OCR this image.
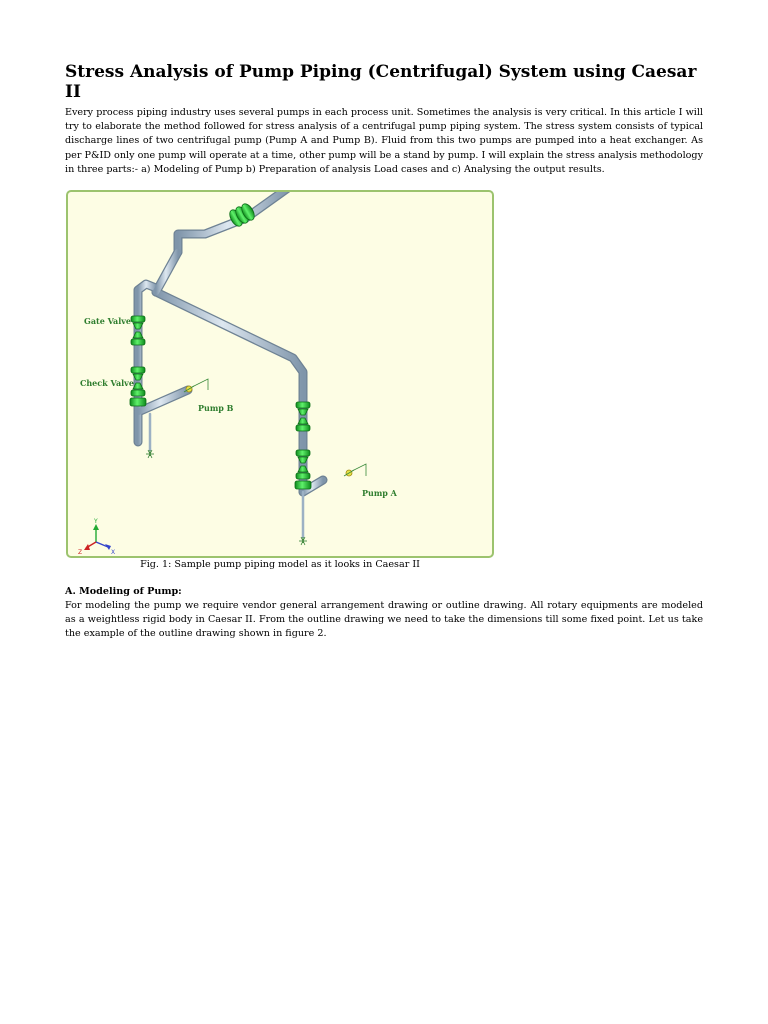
Stress Analysis of Pump Piping (Centrifugal) System using Caesar II

Every process piping industry uses several pumps in each process unit. Sometimes the analysis is very critical. In this article I will try to elaborate the method followed for stress analysis of a centrifugal pump piping system. The stress system consists of typical discharge lines of two centrifugal pump (Pump A and Pump B). Fluid from this two pumps are pumped into a heat exchanger. As per P&ID only one pump will operate at a time, other pump will be a stand by pump. I will explain the stress analysis methodology in three parts:- a) Modeling of Pump b) Preparation of analysis Load cases and c) Analysing the output results.

Gate Valve
Check Valve
Pump B
Pump A
Y
Z	X

Fig. 1: Sample pump piping model as it looks in Caesar II

A. Modeling of Pump:

For modeling the pump we require vendor general arrangement drawing or outline drawing. All rotary equipments are modeled as a weightless rigid body in Caesar II. From the outline drawing we need to take the dimensions till some fixed point. Let us take the example of the outline drawing shown in figure 2.
